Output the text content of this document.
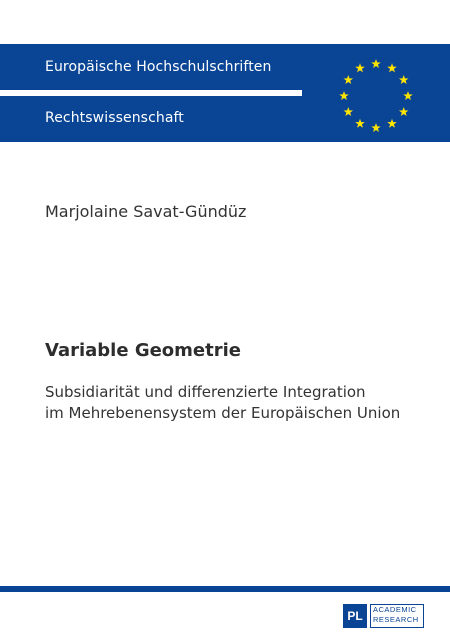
Europäische Hochschulschriften
Rechtswissenschaft
Marjolaine Savat-Gündüz
Variable Geometrie
Subsidiarität und differenzierte Integration
im Mehrebenensystem der Europäischen Union
PL	ACADEMIC
RESEARCH
